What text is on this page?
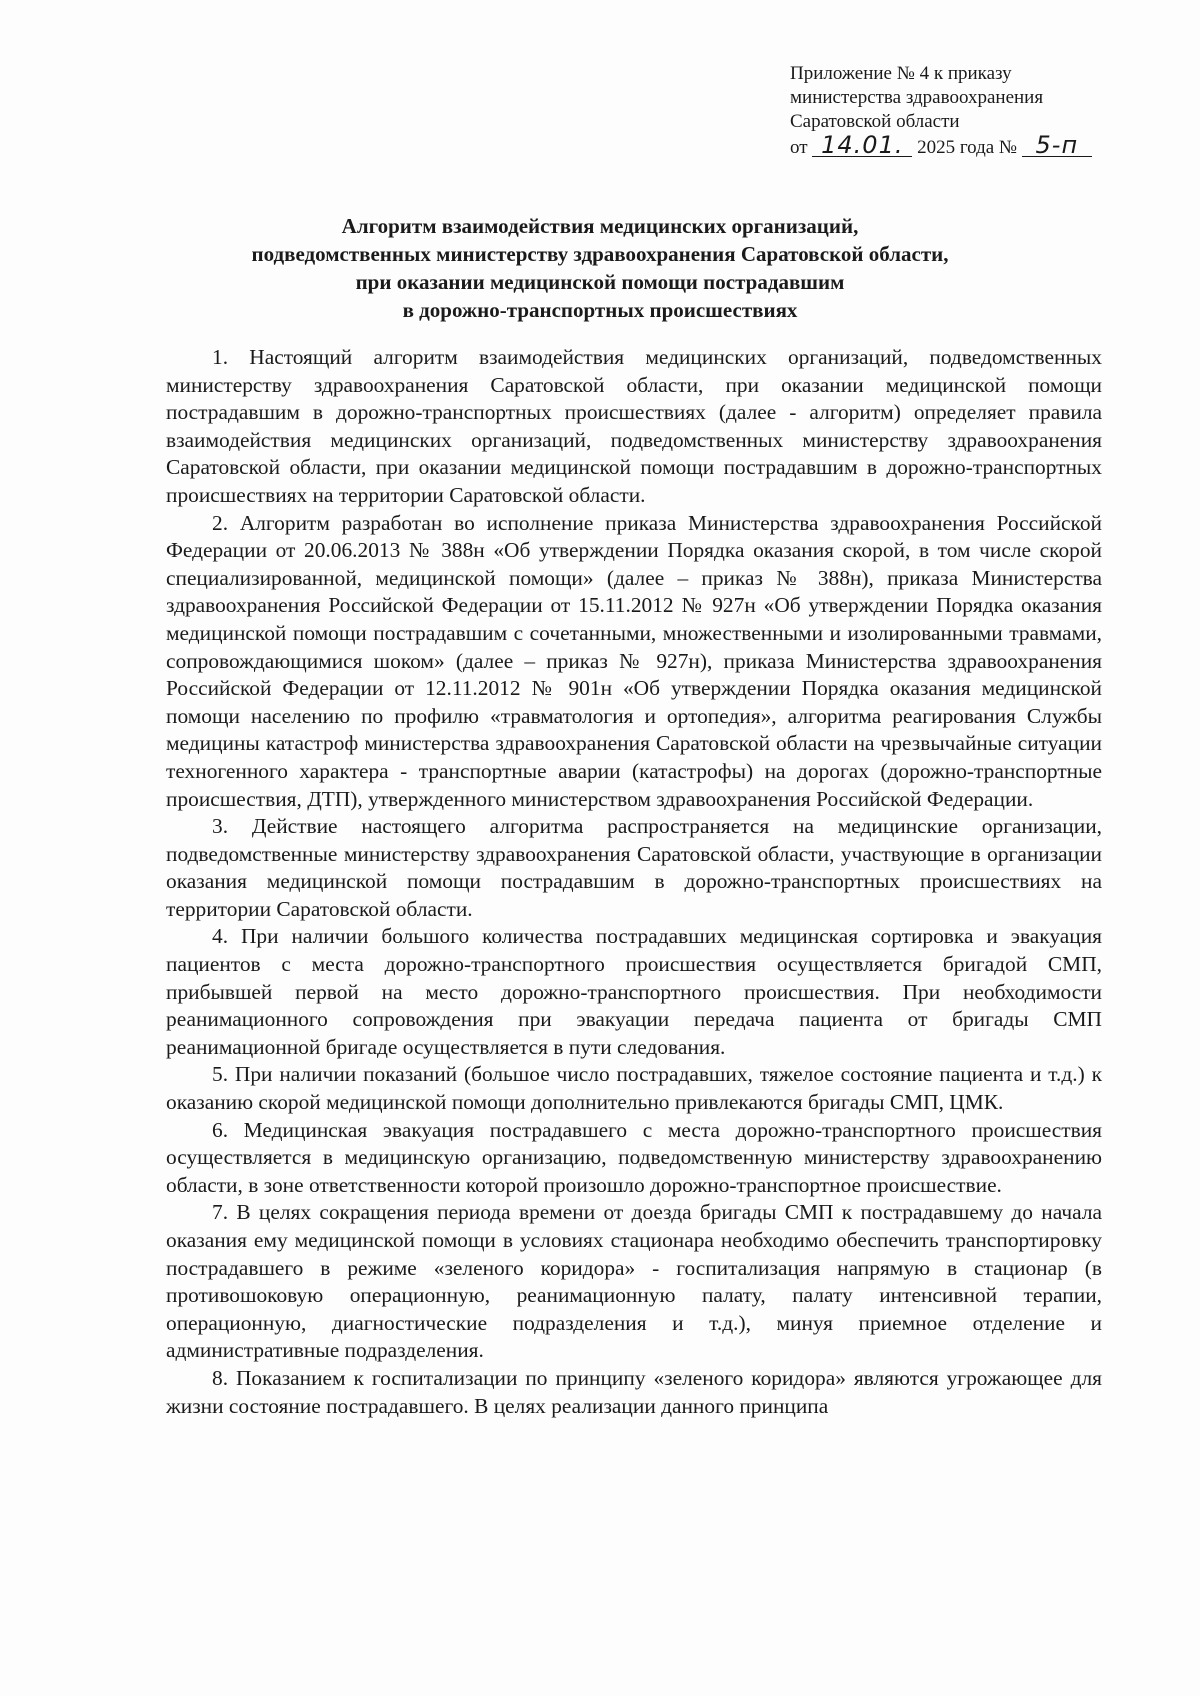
Приложение № 4 к приказу
министерства здравоохранения
Саратовской области
от 14.01. 2025 года № 5-п
Алгоритм взаимодействия медицинских организаций,
подведомственных министерству здравоохранения Саратовской области,
при оказании медицинской помощи пострадавшим
в дорожно-транспортных происшествиях

1. Настоящий алгоритм взаимодействия медицинских организаций, подведомственных министерству здравоохранения Саратовской области, при оказании медицинской помощи пострадавшим в дорожно-транспортных происшествиях (далее - алгоритм) определяет правила взаимодействия медицинских организаций, подведомственных министерству здравоохранения Саратовской области, при оказании медицинской помощи пострадавшим в дорожно-транспортных происшествиях на территории Саратовской области.

2. Алгоритм разработан во исполнение приказа Министерства здравоохранения Российской Федерации от 20.06.2013 № 388н «Об утверждении Порядка оказания скорой, в том числе скорой специализированной, медицинской помощи» (далее – приказ № 388н), приказа Министерства здравоохранения Российской Федерации от 15.11.2012 № 927н «Об утверждении Порядка оказания медицинской помощи пострадавшим с сочетанными, множественными и изолированными травмами, сопровождающимися шоком» (далее – приказ № 927н), приказа Министерства здравоохранения Российской Федерации от 12.11.2012 № 901н «Об утверждении Порядка оказания медицинской помощи населению по профилю «травматология и ортопедия», алгоритма реагирования Службы медицины катастроф министерства здравоохранения Саратовской области на чрезвычайные ситуации техногенного характера - транспортные аварии (катастрофы) на дорогах (дорожно-транспортные происшествия, ДТП), утвержденного министерством здравоохранения Российской Федерации.

3. Действие настоящего алгоритма распространяется на медицинские организации, подведомственные министерству здравоохранения Саратовской области, участвующие в организации оказания медицинской помощи пострадавшим в дорожно-транспортных происшествиях на территории Саратовской области.

4. При наличии большого количества пострадавших медицинская сортировка и эвакуация пациентов с места дорожно-транспортного происшествия осуществляется бригадой СМП, прибывшей первой на место дорожно-транспортного происшествия. При необходимости реанимационного сопровождения при эвакуации передача пациента от бригады СМП реанимационной бригаде осуществляется в пути следования.

5. При наличии показаний (большое число пострадавших, тяжелое состояние пациента и т.д.) к оказанию скорой медицинской помощи дополнительно привлекаются бригады СМП, ЦМК.

6. Медицинская эвакуация пострадавшего с места дорожно-транспортного происшествия осуществляется в медицинскую организацию, подведомственную министерству здравоохранению области, в зоне ответственности которой произошло дорожно-транспортное происшествие.

7. В целях сокращения периода времени от доезда бригады СМП к пострадавшему до начала оказания ему медицинской помощи в условиях стационара необходимо обеспечить транспортировку пострадавшего в режиме «зеленого коридора» - госпитализация напрямую в стационар (в противошоковую операционную, реанимационную палату, палату интенсивной терапии, операционную, диагностические подразделения и т.д.), минуя приемное отделение и административные подразделения.

8. Показанием к госпитализации по принципу «зеленого коридора» являются угрожающее для жизни состояние пострадавшего. В целях реализации данного принципа
